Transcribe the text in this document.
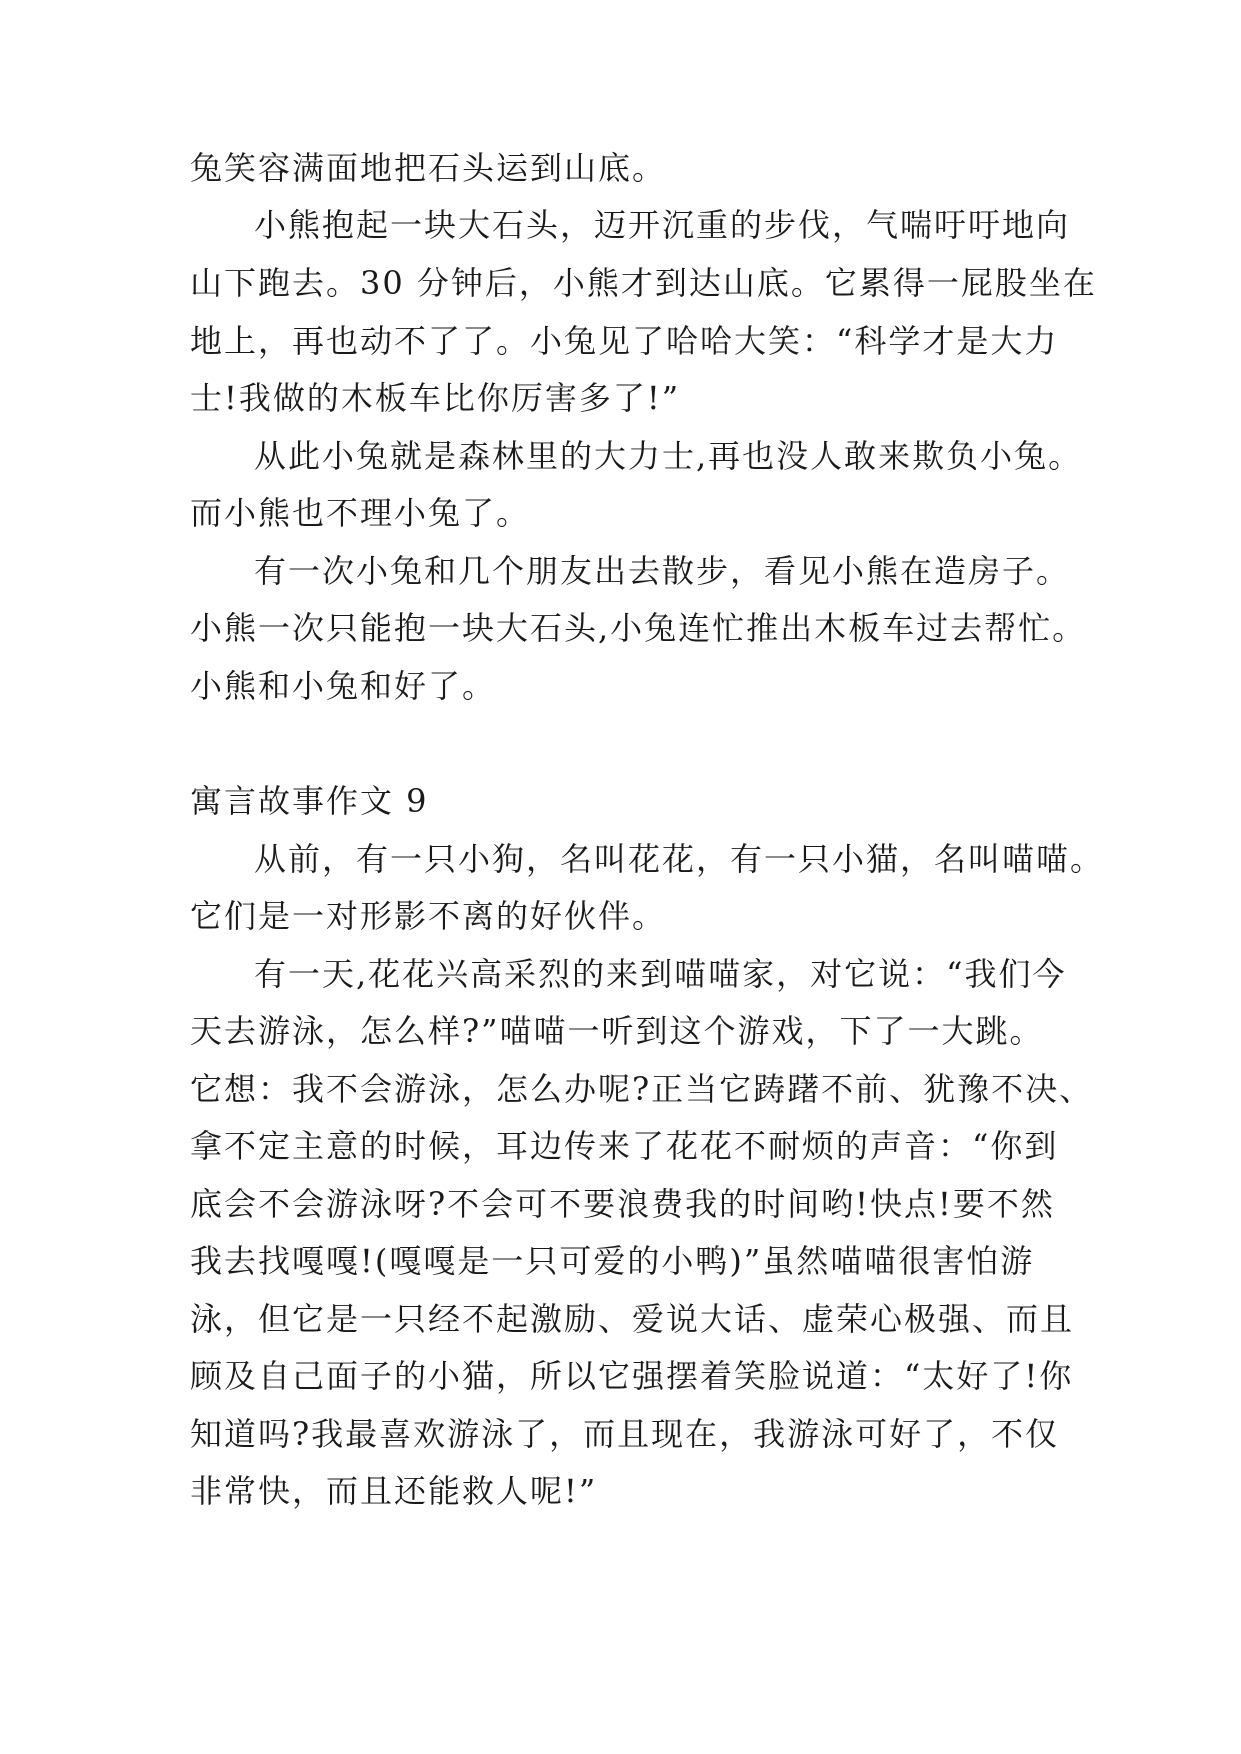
兔笑容满面地把石头运到山底。
小熊抱起一块大石头，迈开沉重的步伐，气喘吁吁地向
山下跑去。30 分钟后，小熊才到达山底。它累得一屁股坐在
地上，再也动不了了。小兔见了哈哈大笑：“科学才是大力
士!我做的木板车比你厉害多了!”
从此小兔就是森林里的大力士,再也没人敢来欺负小兔。
而小熊也不理小兔了。
有一次小兔和几个朋友出去散步，看见小熊在造房子。
小熊一次只能抱一块大石头,小兔连忙推出木板车过去帮忙。
小熊和小兔和好了。
寓言故事作文 9
从前，有一只小狗，名叫花花，有一只小猫，名叫喵喵。
它们是一对形影不离的好伙伴。
有一天,花花兴高采烈的来到喵喵家，对它说：“我们今
天去游泳，怎么样?”喵喵一听到这个游戏，下了一大跳。
它想：我不会游泳，怎么办呢?正当它踌躇不前、犹豫不决、
拿不定主意的时候，耳边传来了花花不耐烦的声音：“你到
底会不会游泳呀?不会可不要浪费我的时间哟!快点!要不然
我去找嘎嘎!(嘎嘎是一只可爱的小鸭)”虽然喵喵很害怕游
泳，但它是一只经不起激励、爱说大话、虚荣心极强、而且
顾及自己面子的小猫，所以它强摆着笑脸说道：“太好了!你
知道吗?我最喜欢游泳了，而且现在，我游泳可好了，不仅
非常快，而且还能救人呢!”
